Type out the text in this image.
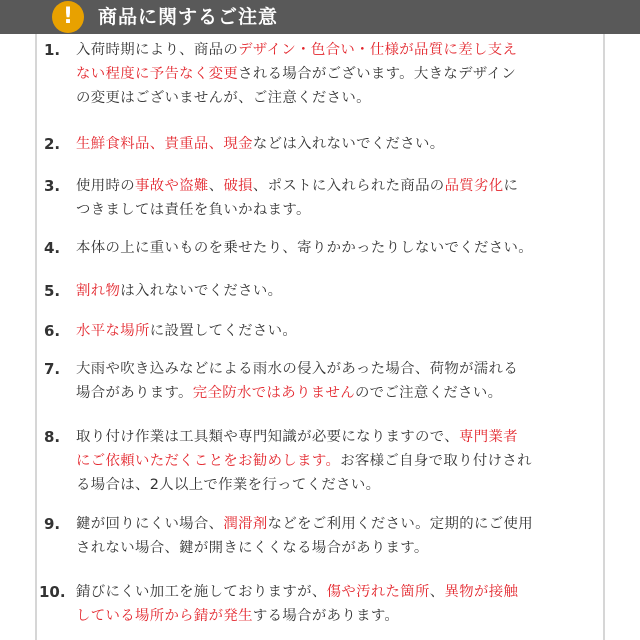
!	商品に関するご注意
1. 入荷時期により、商品のデザイン・色合い・仕様が品質に差し支え
ない程度に予告なく変更される場合がございます。大きなデザイン
の変更はございませんが、ご注意ください。
2. 生鮮食料品、貴重品、現金などは入れないでください。
3. 使用時の事故や盗難、破損、ポストに入れられた商品の品質劣化に
つきましては責任を負いかねます。
4. 本体の上に重いものを乗せたり、寄りかかったりしないでください。
5. 割れ物は入れないでください。
6. 水平な場所に設置してください。
7. 大雨や吹き込みなどによる雨水の侵入があった場合、荷物が濡れる
場合があります。完全防水ではありませんのでご注意ください。
8. 取り付け作業は工具類や専門知識が必要になりますので、専門業者
にご依頼いただくことをお勧めします。お客様ご自身で取り付けされ
る場合は、2人以上で作業を行ってください。
9. 鍵が回りにくい場合、潤滑剤などをご利用ください。定期的にご使用
されない場合、鍵が開きにくくなる場合があります。
10. 錆びにくい加工を施しておりますが、傷や汚れた箇所、異物が接触
している場所から錆が発生する場合があります。
